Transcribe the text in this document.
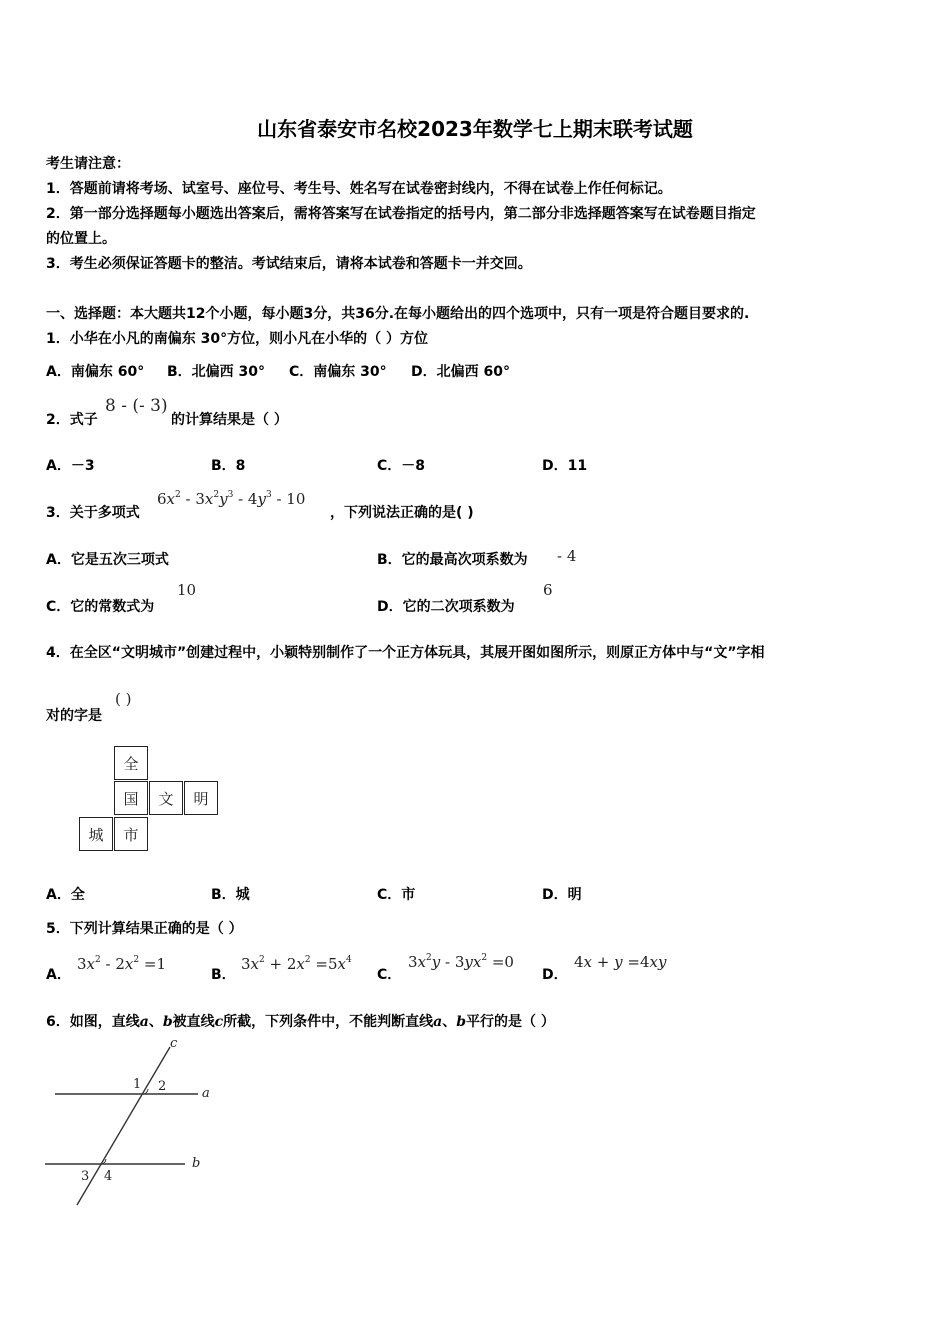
山东省泰安市名校2023年数学七上期末联考试题
考生请注意：
1．答题前请将考场、试室号、座位号、考生号、姓名写在试卷密封线内，不得在试卷上作任何标记。
2．第一部分选择题每小题选出答案后，需将答案写在试卷指定的括号内，第二部分非选择题答案写在试卷题目指定
的位置上。
3．考生必须保证答题卡的整洁。考试结束后，请将本试卷和答题卡一并交回。
一、选择题：本大题共12个小题，每小题3分，共36分.在每小题给出的四个选项中，只有一项是符合题目要求的.
1．小华在小凡的南偏东 30°方位，则小凡在小华的（ ）方位
A．南偏东 60° B．北偏西 30° C．南偏东 30° D．北偏西 60°
2．式子
8 - (- 3)
的计算结果是（ ）
A．－3	B．8	C．－8	D．11
3．关于多项式
$6x^2 - 3x^2y^3 - 4y^3 - 10$
，下列说法正确的是( )
A．它是五次三项式	B．它的最高次项系数为 - 4
C．它的常数式为
10
D．它的二次项系数为
6
4．在全区“文明城市”创建过程中，小颖特别制作了一个正方体玩具，其展开图如图所示，则原正方体中与“文”字相
对的字是
( )
全
国	文	明
城	市
A．全	B．城	C．市	D．明
5．下列计算结果正确的是（ ）
A．
$3x^2 - 2x^2 =1$
B．
$3x^2 + 2x^2 =5x^4$
C．
$3x^2y - 3yx^2 =0$
D．
4x + y =4xy
6．如图，直线a、b被直线c所截，下列条件中，不能判断直线a、b平行的是（ ）
c
a
b
1 2
3 4
